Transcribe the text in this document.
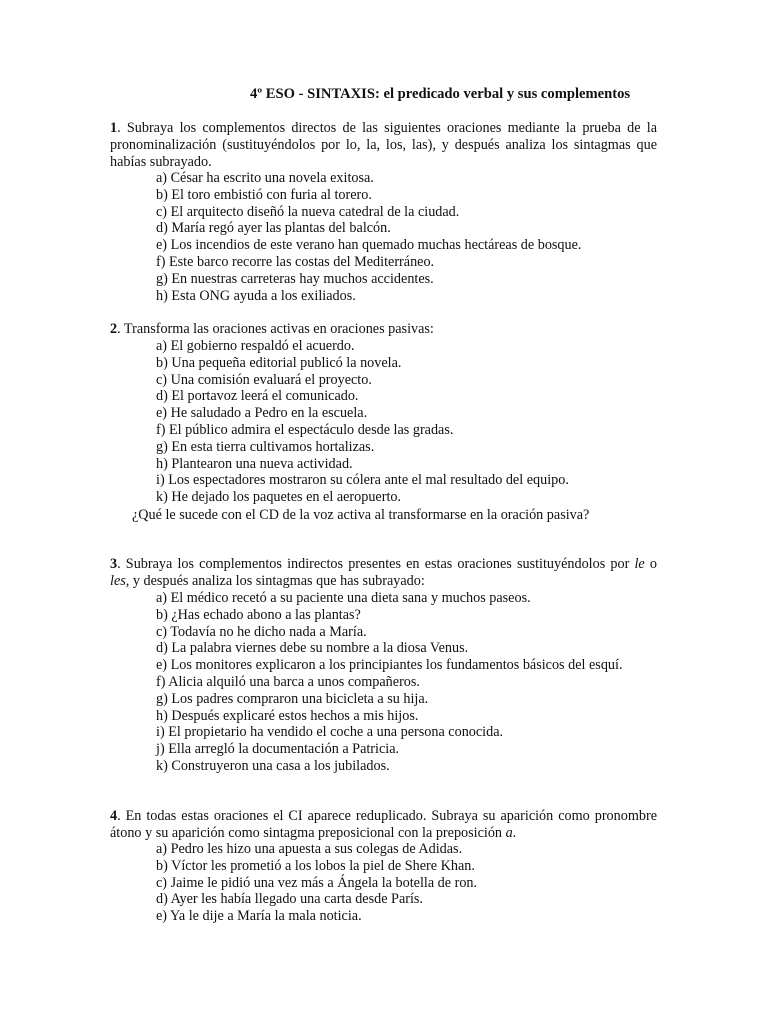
4º ESO - SINTAXIS: el predicado verbal y sus complementos
1. Subraya los complementos directos de las siguientes oraciones mediante la prueba de la pronominalización (sustituyéndolos por lo, la, los, las), y después analiza los sintagmas que habías subrayado.
a) César ha escrito una novela exitosa.
b) El toro embistió con furia al torero.
c) El arquitecto diseñó la nueva catedral de la ciudad.
d) María regó ayer las plantas del balcón.
e) Los incendios de este verano han quemado muchas hectáreas de bosque.
f) Este barco recorre las costas del Mediterráneo.
g) En nuestras carreteras hay muchos accidentes.
h) Esta ONG ayuda a los exiliados.
2. Transforma las oraciones activas en oraciones pasivas:
a) El gobierno respaldó el acuerdo.
b) Una pequeña editorial publicó la novela.
c) Una comisión evaluará el proyecto.
d) El portavoz leerá el comunicado.
e) He saludado a Pedro en la escuela.
f) El público admira el espectáculo desde las gradas.
g) En esta tierra cultivamos hortalizas.
h) Plantearon una nueva actividad.
i) Los espectadores mostraron su cólera ante el mal resultado del equipo.
k) He dejado los paquetes en el aeropuerto.
¿Qué le sucede con el CD de la voz activa al transformarse en la oración pasiva?
3. Subraya los complementos indirectos presentes en estas oraciones sustituyéndolos por le o les, y después analiza los sintagmas que has subrayado:
a) El médico recetó a su paciente una dieta sana y muchos paseos.
b) ¿Has echado abono a las plantas?
c) Todavía no he dicho nada a María.
d) La palabra viernes debe su nombre a la diosa Venus.
e) Los monitores explicaron a los principiantes los fundamentos básicos del esquí.
f) Alicia alquiló una barca a unos compañeros.
g) Los padres compraron una bicicleta a su hija.
h) Después explicaré estos hechos a mis hijos.
i) El propietario ha vendido el coche a una persona conocida.
j) Ella arregló la documentación a Patricia.
k) Construyeron una casa a los jubilados.
4. En todas estas oraciones el CI aparece reduplicado. Subraya su aparición como pronombre átono y su aparición como sintagma preposicional con la preposición a.
a) Pedro les hizo una apuesta a sus colegas de Adidas.
b) Víctor les prometió a los lobos la piel de Shere Khan.
c) Jaime le pidió una vez más a Ángela la botella de ron.
d) Ayer les había llegado una carta desde París.
e) Ya le dije a María la mala noticia.
